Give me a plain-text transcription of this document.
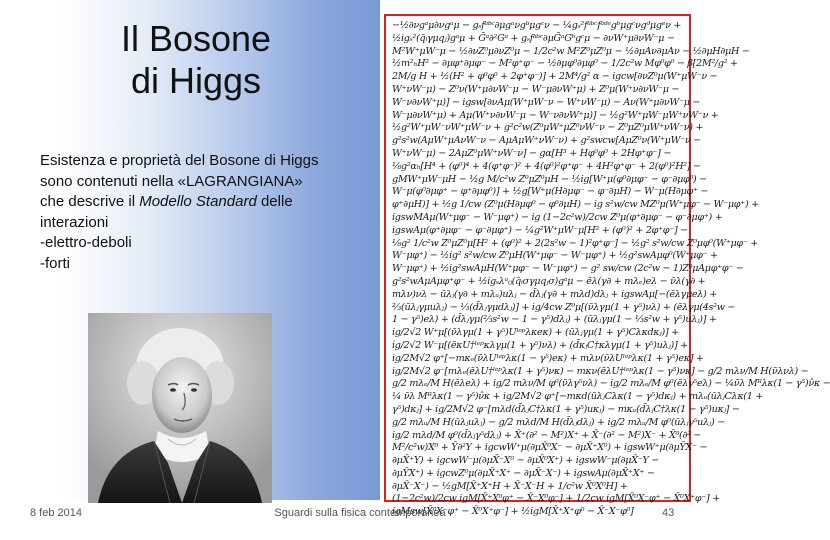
Il Bosone
di Higgs
Esistenza e proprietà del Bosone di Higgs
sono contenuti nella «LAGRANGIANA»
che descrive il Modello Standard delle
interazioni
-elettro-deboli
-forti
−½∂νgᵃμ∂νgᵃμ − gₛfᵃᵇᶜ∂μgᵃνgᵇμgᶜν − ¼gₛ²fᵃᵇᶜfᵃᵈᵉgᵇμgᶜνgᵈμgᵉν +
½igₛ²(q̄ᵢγμqⱼ)gᵃμ + Ḡᵃ∂²Gᵃ + gₛfᵃᵇᶜ∂μḠᵃGᵇgᶜμ − ∂νW⁺μ∂νW⁻μ −
M²W⁺μW⁻μ − ½∂νZ⁰μ∂νZ⁰μ − 1/2c²w M²Z⁰μZ⁰μ − ½∂μAν∂μAν − ½∂μH∂μH −
½m²ₕH² − ∂μφ⁺∂μφ⁻ − M²φ⁺φ⁻ − ½∂μφ⁰∂μφ⁰ − 1/2c²w Mφ⁰φ⁰ − β[2M²/g² +
2M/g H + ½(H² + φ⁰φ⁰ + 2φ⁺φ⁻)] + 2M⁴/g² α − igcw[∂νZ⁰μ(W⁺μW⁻ν −
W⁺νW⁻μ) − Z⁰ν(W⁺μ∂νW⁻μ − W⁻μ∂νW⁺μ) + Z⁰μ(W⁺ν∂νW⁻μ −
W⁻ν∂νW⁺μ)] − igsw[∂νAμ(W⁺μW⁻ν − W⁺νW⁻μ) − Aν(W⁺μ∂νW⁻μ −
W⁻μ∂νW⁺μ) + Aμ(W⁺ν∂νW⁻μ − W⁻ν∂νW⁺μ)] − ½g²W⁺μW⁻μW⁺νW⁻ν +
½g²W⁺μW⁻νW⁺μW⁻ν + g²c²w(Z⁰μW⁺μZ⁰νW⁻ν − Z⁰μZ⁰μW⁺νW⁻ν) +
g²s²w(AμW⁺μAνW⁻ν − AμAμW⁺νW⁻ν) + g²swcw[AμZ⁰ν(W⁺μW⁻ν −
W⁺νW⁻μ) − 2AμZ⁰μW⁺νW⁻ν] − gα[H³ + Hφ⁰φ⁰ + 2Hφ⁺φ⁻] −
⅛g²αₕ[H⁴ + (φ⁰)⁴ + 4(φ⁺φ⁻)² + 4(φ⁰)²φ⁺φ⁻ + 4H²φ⁺φ⁻ + 2(φ⁰)²H²] −
gMW⁺μW⁻μH − ½g M/c²w Z⁰μZ⁰μH − ½ig[W⁺μ(φ⁰∂μφ⁻ − φ⁻∂μφ⁰) −
W⁻μ(φ⁰∂μφ⁺ − φ⁺∂μφ⁰)] + ½g[W⁺μ(H∂μφ⁻ − φ⁻∂μH) − W⁻μ(H∂μφ⁺ −
φ⁺∂μH)] + ½g 1/cw (Z⁰μ(H∂μφ⁰ − φ⁰∂μH) − ig s²w/cw MZ⁰μ(W⁺μφ⁻ − W⁻μφ⁺) +
igswMAμ(W⁺μφ⁻ − W⁻μφ⁺) − ig (1−2c²w)/2cw Z⁰μ(φ⁺∂μφ⁻ − φ⁻∂μφ⁺) +
igswAμ(φ⁺∂μφ⁻ − φ⁻∂μφ⁺) − ¼g²W⁺μW⁻μ[H² + (φ⁰)² + 2φ⁺φ⁻] −
⅛g² 1/c²w Z⁰μZ⁰μ[H² + (φ⁰)² + 2(2s²w − 1)²φ⁺φ⁻] − ½g² s²w/cw Z⁰μφ⁰(W⁺μφ⁻ +
W⁻μφ⁺) − ½ig² s²w/cw Z⁰μH(W⁺μφ⁻ − W⁻μφ⁺) + ½g²swAμφ⁰(W⁺μφ⁻ +
W⁻μφ⁺) + ½ig²swAμH(W⁺μφ⁻ − W⁻μφ⁺) − g² sw/cw (2c²w − 1)Z⁰μAμφ⁺φ⁻ −
g²s²wAμAμφ⁺φ⁻ + ½igₛλᵃᵢⱼ(q̄ᵢσγμqⱼσ)gᵃμ − ēλ(γ∂ + mλₑ)eλ − ν̄λ(γ∂ +
mλν)νλ − ūλⱼ(γ∂ + mλᵤ)uλⱼ − d̄λⱼ(γ∂ + mλd)dλⱼ + igswAμ[−(ēλγμeλ) +
⅔(ūλⱼγμuλⱼ) − ⅓(d̄λⱼγμdλⱼ)] + ig/4cw Z⁰μ[(ν̄λγμ(1 + γ⁵)νλ) + (ēλγμ(4s²w −
1 − γ⁵)eλ) + (d̄λⱼγμ(⅔s²w − 1 − γ⁵)dλⱼ) + (ūλⱼγμ(1 − ⅟₃s²w + γ⁵)uλⱼ)] +
ig/2√2 W⁺μ[(ν̄λγμ(1 + γ⁵)Uˡᵉᵖλκeκ) + (ūλⱼγμ(1 + γ⁵)Cλκdκⱼ)] +
ig/2√2 W⁻μ[(ēκU†ˡᵉᵖκλγμ(1 + γ⁵)νλ) + (d̄κⱼC†κλγμ(1 + γ⁵)uλⱼ)] +
ig/2M√2 φ⁺[−mκₑ(ν̄λUˡᵉᵖλκ(1 − γ⁵)eκ) + mλν(ν̄λUˡᵉᵖλκ(1 + γ⁵)eκ] +
ig/2M√2 φ⁻[mλₑ(ēλU†ˡᵉᵖλκ(1 + γ⁵)νκ) − mκν(ēλU†ˡᵉᵖλκ(1 − γ⁵)νκ] − g/2 mλν/M H(ν̄λνλ) −
g/2 mλₑ/M H(ēλeλ) + ig/2 mλν/M φ⁰(ν̄λγ⁵νλ) − ig/2 mλₑ/M φ⁰(ēλγ⁵eλ) − ¼ν̄λ Mᴿλκ(1 − γ⁵)ν̂κ −
¼ ν̄λ Mᴿλκ(1 − γ⁵)ν̂κ + ig/2M√2 φ⁺[−mκd(ūλⱼCλκ(1 − γ⁵)dκⱼ) + mλᵤ(ūλⱼCλκ(1 +
γ⁵)dκⱼ] + ig/2M√2 φ⁻[mλd(d̄λⱼC†λκ(1 + γ⁵)uκⱼ) − mκᵤ(d̄λⱼC†λκ(1 − γ⁵)uκⱼ] −
g/2 mλᵤ/M H(ūλⱼuλⱼ) − g/2 mλd/M H(d̄λⱼdλⱼ) + ig/2 mλᵤ/M φ⁰(ūλⱼγ⁵uλⱼ) −
ig/2 mλd/M φ⁰(d̄λⱼγ⁵dλⱼ) + X̄⁺(∂² − M²)X⁺ + X̄⁻(∂² − M²)X⁻ + X̄⁰(∂² −
M²/c²w)X⁰ + Ȳ∂²Y + igcwW⁺μ(∂μX̄⁰X⁻ − ∂μX̄⁺X⁰) + igswW⁺μ(∂μȲX⁻ −
∂μX̄⁺Y) + igcwW⁻μ(∂μX̄⁻X⁰ − ∂μX̄⁰X⁺) + igswW⁻μ(∂μX̄⁻Y −
∂μȲX⁺) + igcwZ⁰μ(∂μX̄⁺X⁺ − ∂μX̄⁻X⁻) + igswAμ(∂μX̄⁺X⁺ −
∂μX̄⁻X⁻) − ½gM[X̄⁺X⁺H + X̄⁻X⁻H + 1/c²w X̄⁰X⁰H] +
(1−2c²w)/2cw igM[X̄⁺X⁰φ⁺ − X̄⁻X⁰φ⁻] + 1/2cw igM[X̄⁰X⁻φ⁺ − X̄⁰X⁺φ⁻] +
igMsw[X̄⁰X⁻φ⁺ − X̄⁰X⁺φ⁻] + ½igM[X̄⁺X⁺φ⁰ − X̄⁻X⁻φ⁰]
8 feb 2014	Sguardi sulla fisica contemporanea	43
